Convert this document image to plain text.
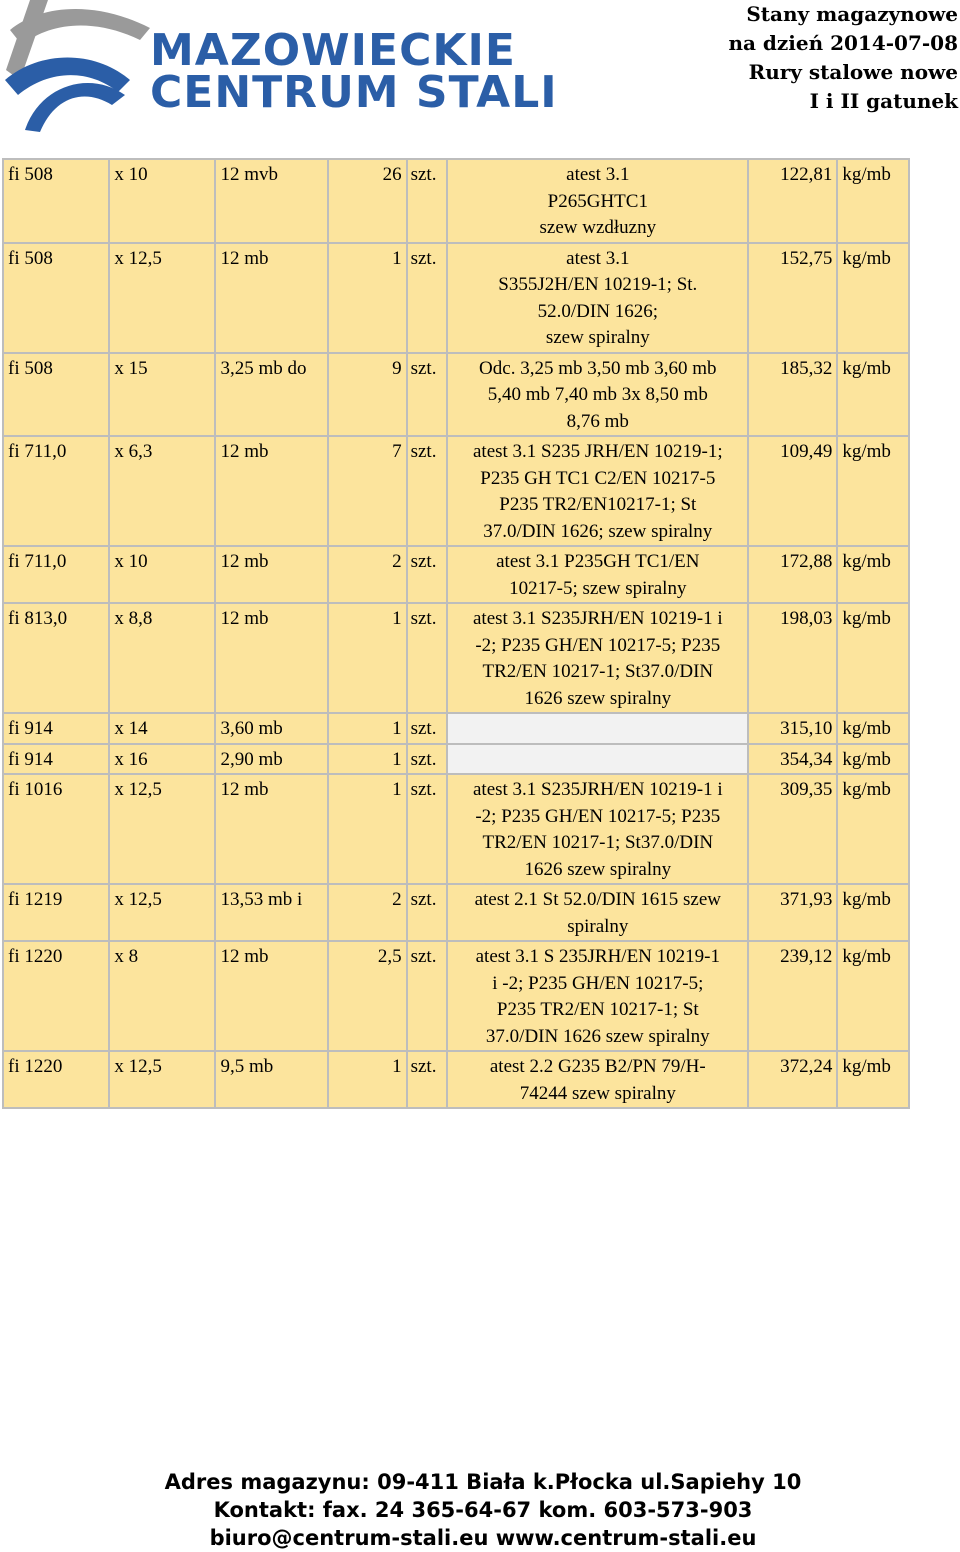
MAZOWIECKIE
CENTRUM STALI
Stany magazynowe
na dzień 2014-07-08
Rury stalowe nowe
I i II gatunek
fi 508	x 10	12 mvb	26	szt.	atest 3.1
P265GHTC1
szew wzdłuzny	122,81	kg/mb
fi 508	x 12,5	12 mb	1	szt.	atest 3.1
S355J2H/EN 10219-1; St.
52.0/DIN 1626;
szew spiralny	152,75	kg/mb
fi 508	x 15	3,25 mb do	9	szt.	Odc. 3,25 mb 3,50 mb 3,60 mb
5,40 mb 7,40 mb 3x 8,50 mb
8,76 mb	185,32	kg/mb
fi 711,0	x 6,3	12 mb	7	szt.	atest 3.1 S235 JRH/EN 10219-1;
P235 GH TC1 C2/EN 10217-5
P235 TR2/EN10217-1; St
37.0/DIN 1626; szew spiralny	109,49	kg/mb
fi 711,0	x 10	12 mb	2	szt.	atest 3.1 P235GH TC1/EN
10217-5; szew spiralny	172,88	kg/mb
fi 813,0	x 8,8	12 mb	1	szt.	atest 3.1 S235JRH/EN 10219-1 i
-2; P235 GH/EN 10217-5; P235
TR2/EN 10217-1; St37.0/DIN
1626 szew spiralny	198,03	kg/mb
fi 914	x 14	3,60 mb	1	szt.		315,10	kg/mb
fi 914	x 16	2,90 mb	1	szt.		354,34	kg/mb
fi 1016	x 12,5	12 mb	1	szt.	atest 3.1 S235JRH/EN 10219-1 i
-2; P235 GH/EN 10217-5; P235
TR2/EN 10217-1; St37.0/DIN
1626 szew spiralny	309,35	kg/mb
fi 1219	x 12,5	13,53 mb i	2	szt.	atest 2.1 St 52.0/DIN 1615 szew
spiralny	371,93	kg/mb
fi 1220	x 8	12 mb	2,5	szt.	atest 3.1 S 235JRH/EN 10219-1
i -2; P235 GH/EN 10217-5;
P235 TR2/EN 10217-1; St
37.0/DIN 1626 szew spiralny	239,12	kg/mb
fi 1220	x 12,5	9,5 mb	1	szt.	atest 2.2 G235 B2/PN 79/H-
74244 szew spiralny	372,24	kg/mb
Adres magazynu: 09-411 Biała k.Płocka ul.Sapiehy 10
Kontakt: fax. 24 365-64-67 kom. 603-573-903
biuro@centrum-stali.eu www.centrum-stali.eu
